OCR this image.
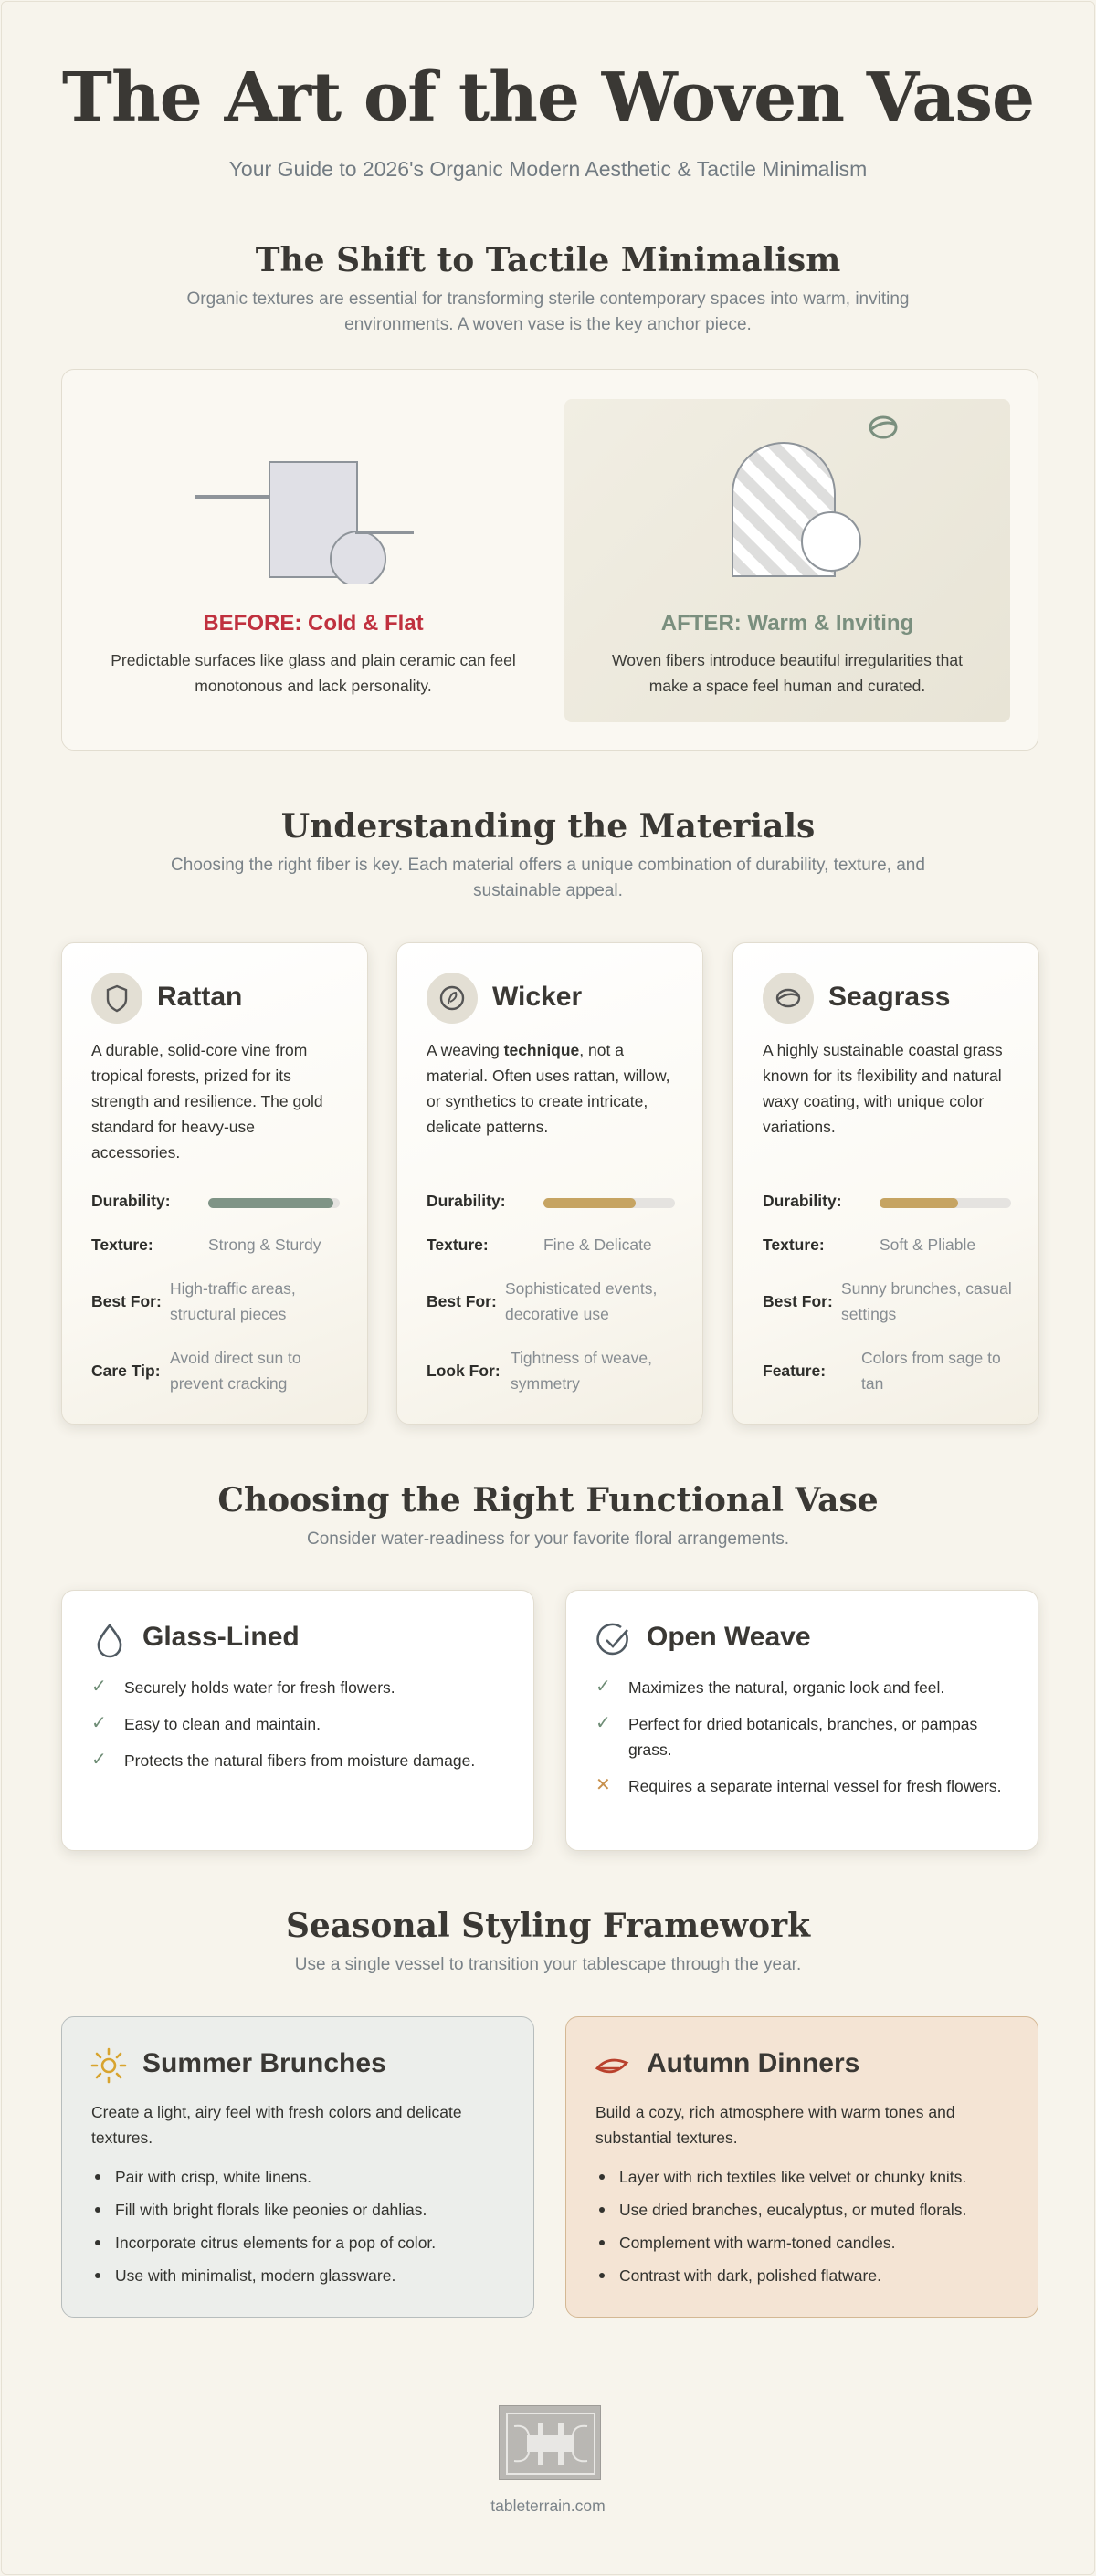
The Art of the Woven Vase

Your Guide to 2026's Organic Modern Aesthetic & Tactile Minimalism

The Shift to Tactile Minimalism

Organic textures are essential for transforming sterile contemporary spaces into warm, inviting environments. A woven vase is the key anchor piece.

BEFORE: Cold & Flat
Predictable surfaces like glass and plain ceramic can feel monotonous and lack personality.
AFTER: Warm & Inviting
Woven fibers introduce beautiful irregularities that make a space feel human and curated.
Understanding the Materials

Choosing the right fiber is key. Each material offers a unique combination of durability, texture, and sustainable appeal.

Rattan
A durable, solid-core vine from tropical forests, prized for its strength and resilience. The gold standard for heavy-use accessories.
Durability:
Texture:	Strong & Sturdy
Best For:
High-traffic areas, structural pieces
Care Tip:
Avoid direct sun to prevent cracking
Wicker
A weaving technique, not a material. Often uses rattan, willow, or synthetics to create intricate, delicate patterns.
Durability:
Texture:	Fine & Delicate
Best For:
Sophisticated events, decorative use
Look For:
Tightness of weave, symmetry
Seagrass
A highly sustainable coastal grass known for its flexibility and natural waxy coating, with unique color variations.
Durability:
Texture:	Soft & Pliable
Best For:
Sunny brunches, casual settings
Feature:
Colors from sage to tan
Choosing the Right Functional Vase

Consider water-readiness for your favorite floral arrangements.

Glass-Lined
✓ Securely holds water for fresh flowers.
✓ Easy to clean and maintain.
✓ Protects the natural fibers from moisture damage.
Open Weave
✓ Maximizes the natural, organic look and feel.
✓ Perfect for dried botanicals, branches, or pampas grass.
✕ Requires a separate internal vessel for fresh flowers.
Seasonal Styling Framework

Use a single vessel to transition your tablescape through the year.

Summer Brunches
Create a light, airy feel with fresh colors and delicate textures.
Pair with crisp, white linens.
Fill with bright florals like peonies or dahlias.
Incorporate citrus elements for a pop of color.
Use with minimalist, modern glassware.
Autumn Dinners
Build a cozy, rich atmosphere with warm tones and substantial textures.
Layer with rich textiles like velvet or chunky knits.
Use dried branches, eucalyptus, or muted florals.
Complement with warm-toned candles.
Contrast with dark, polished flatware.
tableterrain.com
